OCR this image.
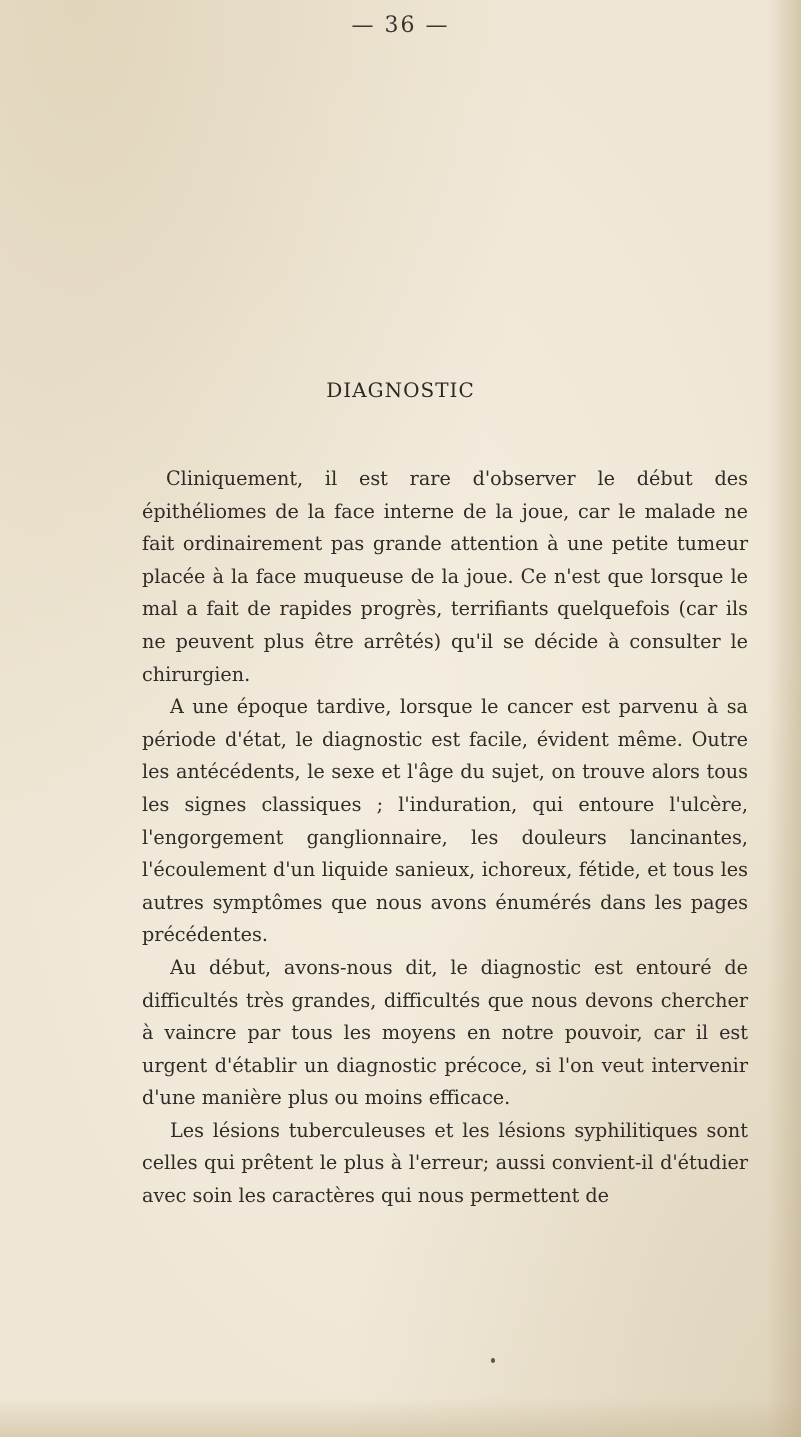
— 36 —
DIAGNOSTIC

Cliniquement, il est rare d'observer le début des épithéliomes de la face interne de la joue, car le malade ne fait ordinairement pas grande attention à une petite tumeur placée à la face muqueuse de la joue. Ce n'est que lorsque le mal a fait de rapides progrès, terrifiants quelquefois (car ils ne peuvent plus être arrêtés) qu'il se décide à consulter le chirurgien.

A une époque tardive, lorsque le cancer est parvenu à sa période d'état, le diagnostic est facile, évident même. Outre les antécédents, le sexe et l'âge du sujet, on trouve alors tous les signes classiques ; l'induration, qui entoure l'ulcère, l'engorgement ganglionnaire, les douleurs lancinantes, l'écoulement d'un liquide sanieux, ichoreux, fétide, et tous les autres symptômes que nous avons énumérés dans les pages précédentes.

Au début, avons-nous dit, le diagnostic est entouré de difficultés très grandes, difficultés que nous devons chercher à vaincre par tous les moyens en notre pouvoir, car il est urgent d'établir un diagnostic précoce, si l'on veut intervenir d'une manière plus ou moins efficace.

Les lésions tuberculeuses et les lésions syphilitiques sont celles qui prêtent le plus à l'erreur; aussi convient-il d'étudier avec soin les caractères qui nous permettent de
